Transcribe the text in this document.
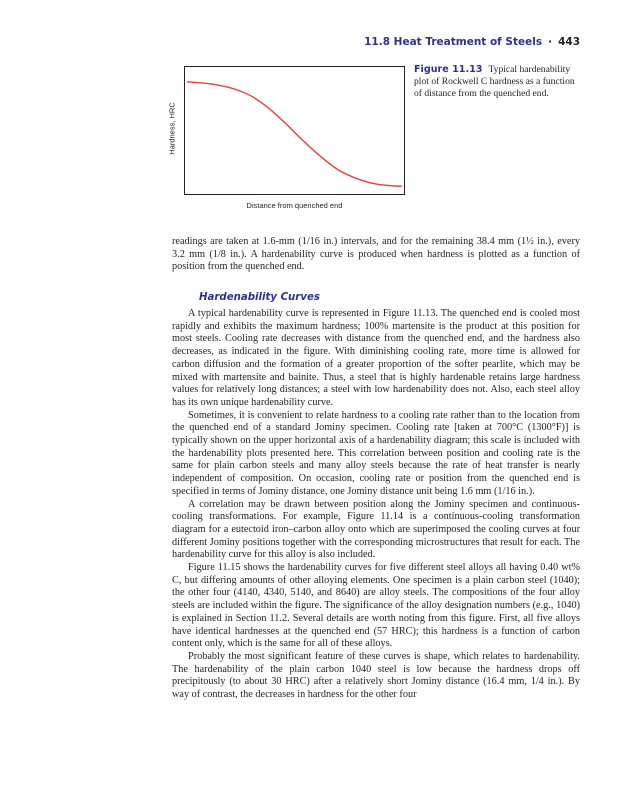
11.8 Heat Treatment of Steels · 443
Hardness, HRC
Distance from quenched end
Figure 11.13 Typical hardenability plot of Rockwell C hardness as a function of distance from the quenched end.

readings are taken at 1.6-mm (1/16 in.) intervals, and for the remaining 38.4 mm (1½ in.), every 3.2 mm (1/8 in.). A hardenability curve is produced when hardness is plotted as a function of position from the quenched end.

Hardenability Curves

A typical hardenability curve is represented in Figure 11.13. The quenched end is cooled most rapidly and exhibits the maximum hardness; 100% martensite is the product at this position for most steels. Cooling rate decreases with distance from the quenched end, and the hardness also decreases, as indicated in the figure. With diminishing cooling rate, more time is allowed for carbon diffusion and the formation of a greater proportion of the softer pearlite, which may be mixed with martensite and bainite. Thus, a steel that is highly hardenable retains large hardness values for relatively long distances; a steel with low hardenability does not. Also, each steel alloy has its own unique hardenability curve.

Sometimes, it is convenient to relate hardness to a cooling rate rather than to the location from the quenched end of a standard Jominy specimen. Cooling rate [taken at 700°C (1300°F)] is typically shown on the upper horizontal axis of a hardenability diagram; this scale is included with the hardenability plots presented here. This correlation between position and cooling rate is the same for plain carbon steels and many alloy steels because the rate of heat transfer is nearly independent of composition. On occasion, cooling rate or position from the quenched end is specified in terms of Jominy distance, one Jominy distance unit being 1.6 mm (1/16 in.).

A correlation may be drawn between position along the Jominy specimen and continuous-cooling transformations. For example, Figure 11.14 is a continuous-cooling transformation diagram for a eutectoid iron–carbon alloy onto which are superimposed the cooling curves at four different Jominy positions together with the corresponding microstructures that result for each. The hardenability curve for this alloy is also included.

Figure 11.15 shows the hardenability curves for five different steel alloys all having 0.40 wt% C, but differing amounts of other alloying elements. One specimen is a plain carbon steel (1040); the other four (4140, 4340, 5140, and 8640) are alloy steels. The compositions of the four alloy steels are included within the figure. The significance of the alloy designation numbers (e.g., 1040) is explained in Section 11.2. Several details are worth noting from this figure. First, all five alloys have identical hardnesses at the quenched end (57 HRC); this hardness is a function of carbon content only, which is the same for all of these alloys.

Probably the most significant feature of these curves is shape, which relates to hardenability. The hardenability of the plain carbon 1040 steel is low because the hardness drops off precipitously (to about 30 HRC) after a relatively short Jominy distance (16.4 mm, 1/4 in.). By way of contrast, the decreases in hardness for the other four
